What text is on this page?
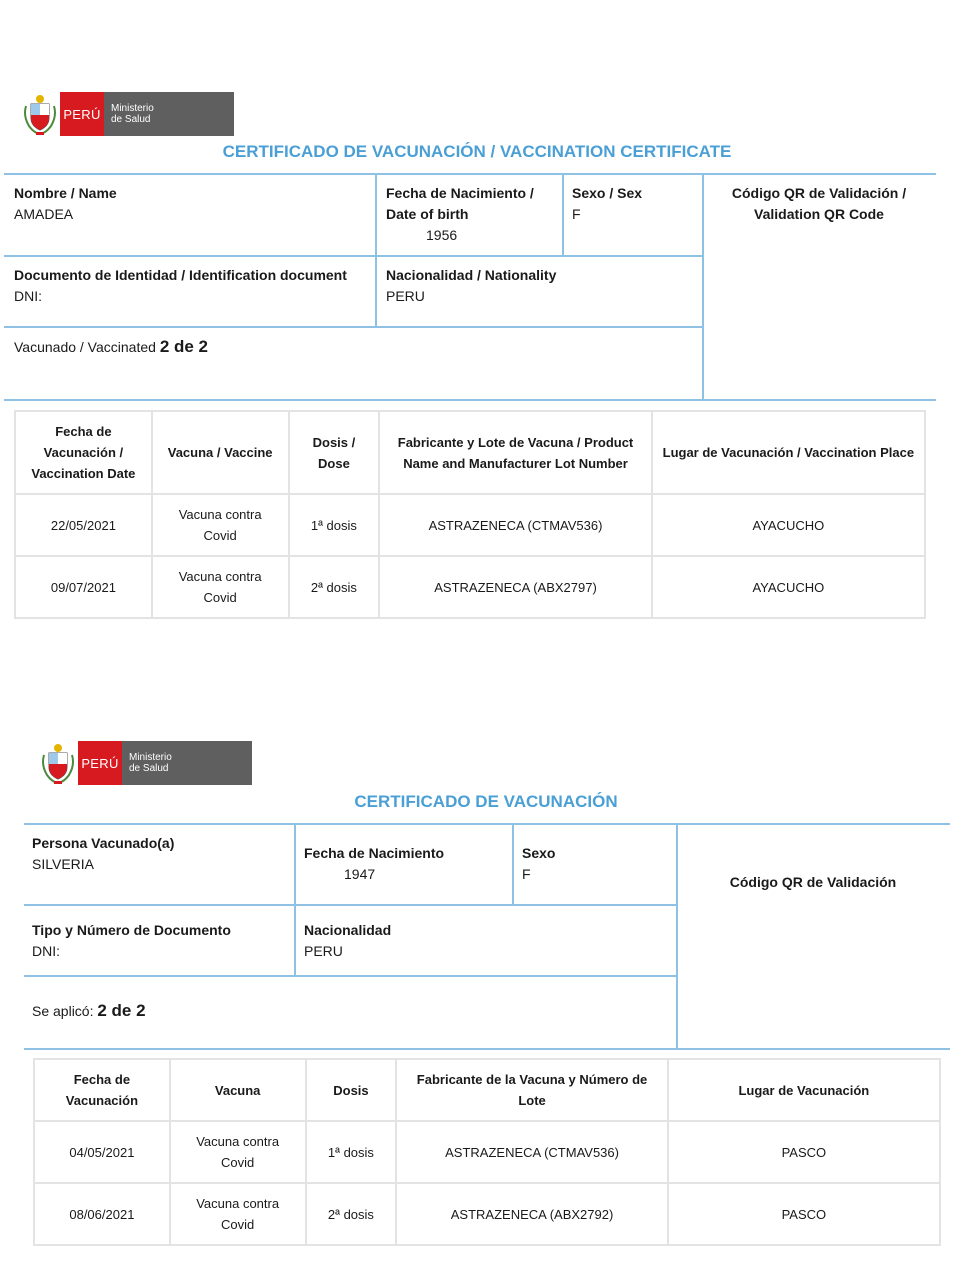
PERÚ	Ministerio
de Salud
CERTIFICADO DE VACUNACIÓN / VACCINATION CERTIFICATE
Nombre / Name
AMADEA
Fecha de Nacimiento / Date of birth
1956
Sexo / Sex
F
Código QR de Validación / Validation QR Code
Documento de Identidad / Identification document
DNI:
Nacionalidad / Nationality
PERU
Vacunado / Vaccinated 2 de 2
Fecha de Vacunación / Vaccination Date	Vacuna / Vaccine	Dosis / Dose	Fabricante y Lote de Vacuna / Product Name and Manufacturer Lot Number	Lugar de Vacunación / Vaccination Place
22/05/2021	Vacuna contra Covid	1ª dosis	ASTRAZENECA (CTMAV536)	AYACUCHO
09/07/2021	Vacuna contra Covid	2ª dosis	ASTRAZENECA (ABX2797)	AYACUCHO
PERÚ	Ministerio
de Salud
CERTIFICADO DE VACUNACIÓN
Persona Vacunado(a)
SILVERIA
Fecha de Nacimiento
1947
Sexo
F	Código QR de Validación
Tipo y Número de Documento
DNI:
Nacionalidad
PERU
Se aplicó: 2 de 2
Fecha de Vacunación	Vacuna	Dosis	Fabricante de la Vacuna y Número de Lote	Lugar de Vacunación
04/05/2021	Vacuna contra Covid	1ª dosis	ASTRAZENECA (CTMAV536)	PASCO
08/06/2021	Vacuna contra Covid	2ª dosis	ASTRAZENECA (ABX2792)	PASCO
